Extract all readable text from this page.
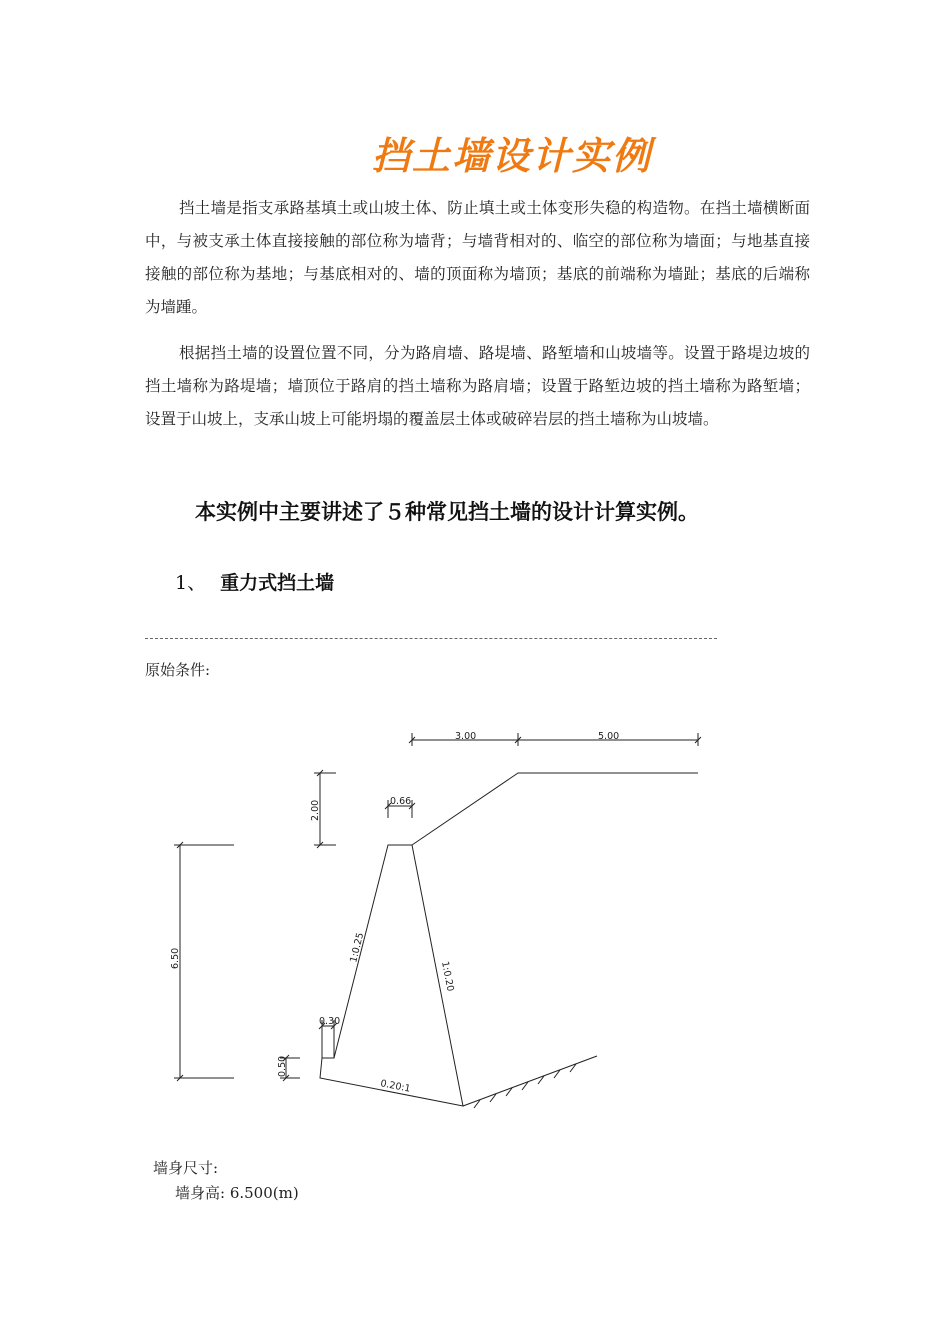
挡土墙设计实例
挡土墙是指支承路基填土或山坡土体、防止填土或土体变形失稳的构造物。在挡土墙横断面中，与被支承土体直接接触的部位称为墙背；与墙背相对的、临空的部位称为墙面；与地基直接接触的部位称为基地；与基底相对的、墙的顶面称为墙顶；基底的前端称为墙趾；基底的后端称为墙踵。
根据挡土墙的设置位置不同，分为路肩墙、路堤墙、路堑墙和山坡墙等。设置于路堤边坡的挡土墙称为路堤墙；墙顶位于路肩的挡土墙称为路肩墙；设置于路堑边坡的挡土墙称为路堑墙；设置于山坡上，支承山坡上可能坍塌的覆盖层土体或破碎岩层的挡土墙称为山坡墙。
本实例中主要讲述了５种常见挡土墙的设计计算实例。
1、 重力式挡土墙
原始条件:
3.00	5.00
2.00	0.66
6.50	1:0.25
1:0.20
0.30
0.50
0.20:1
墙身尺寸:
墙身高: 6.500(m)
